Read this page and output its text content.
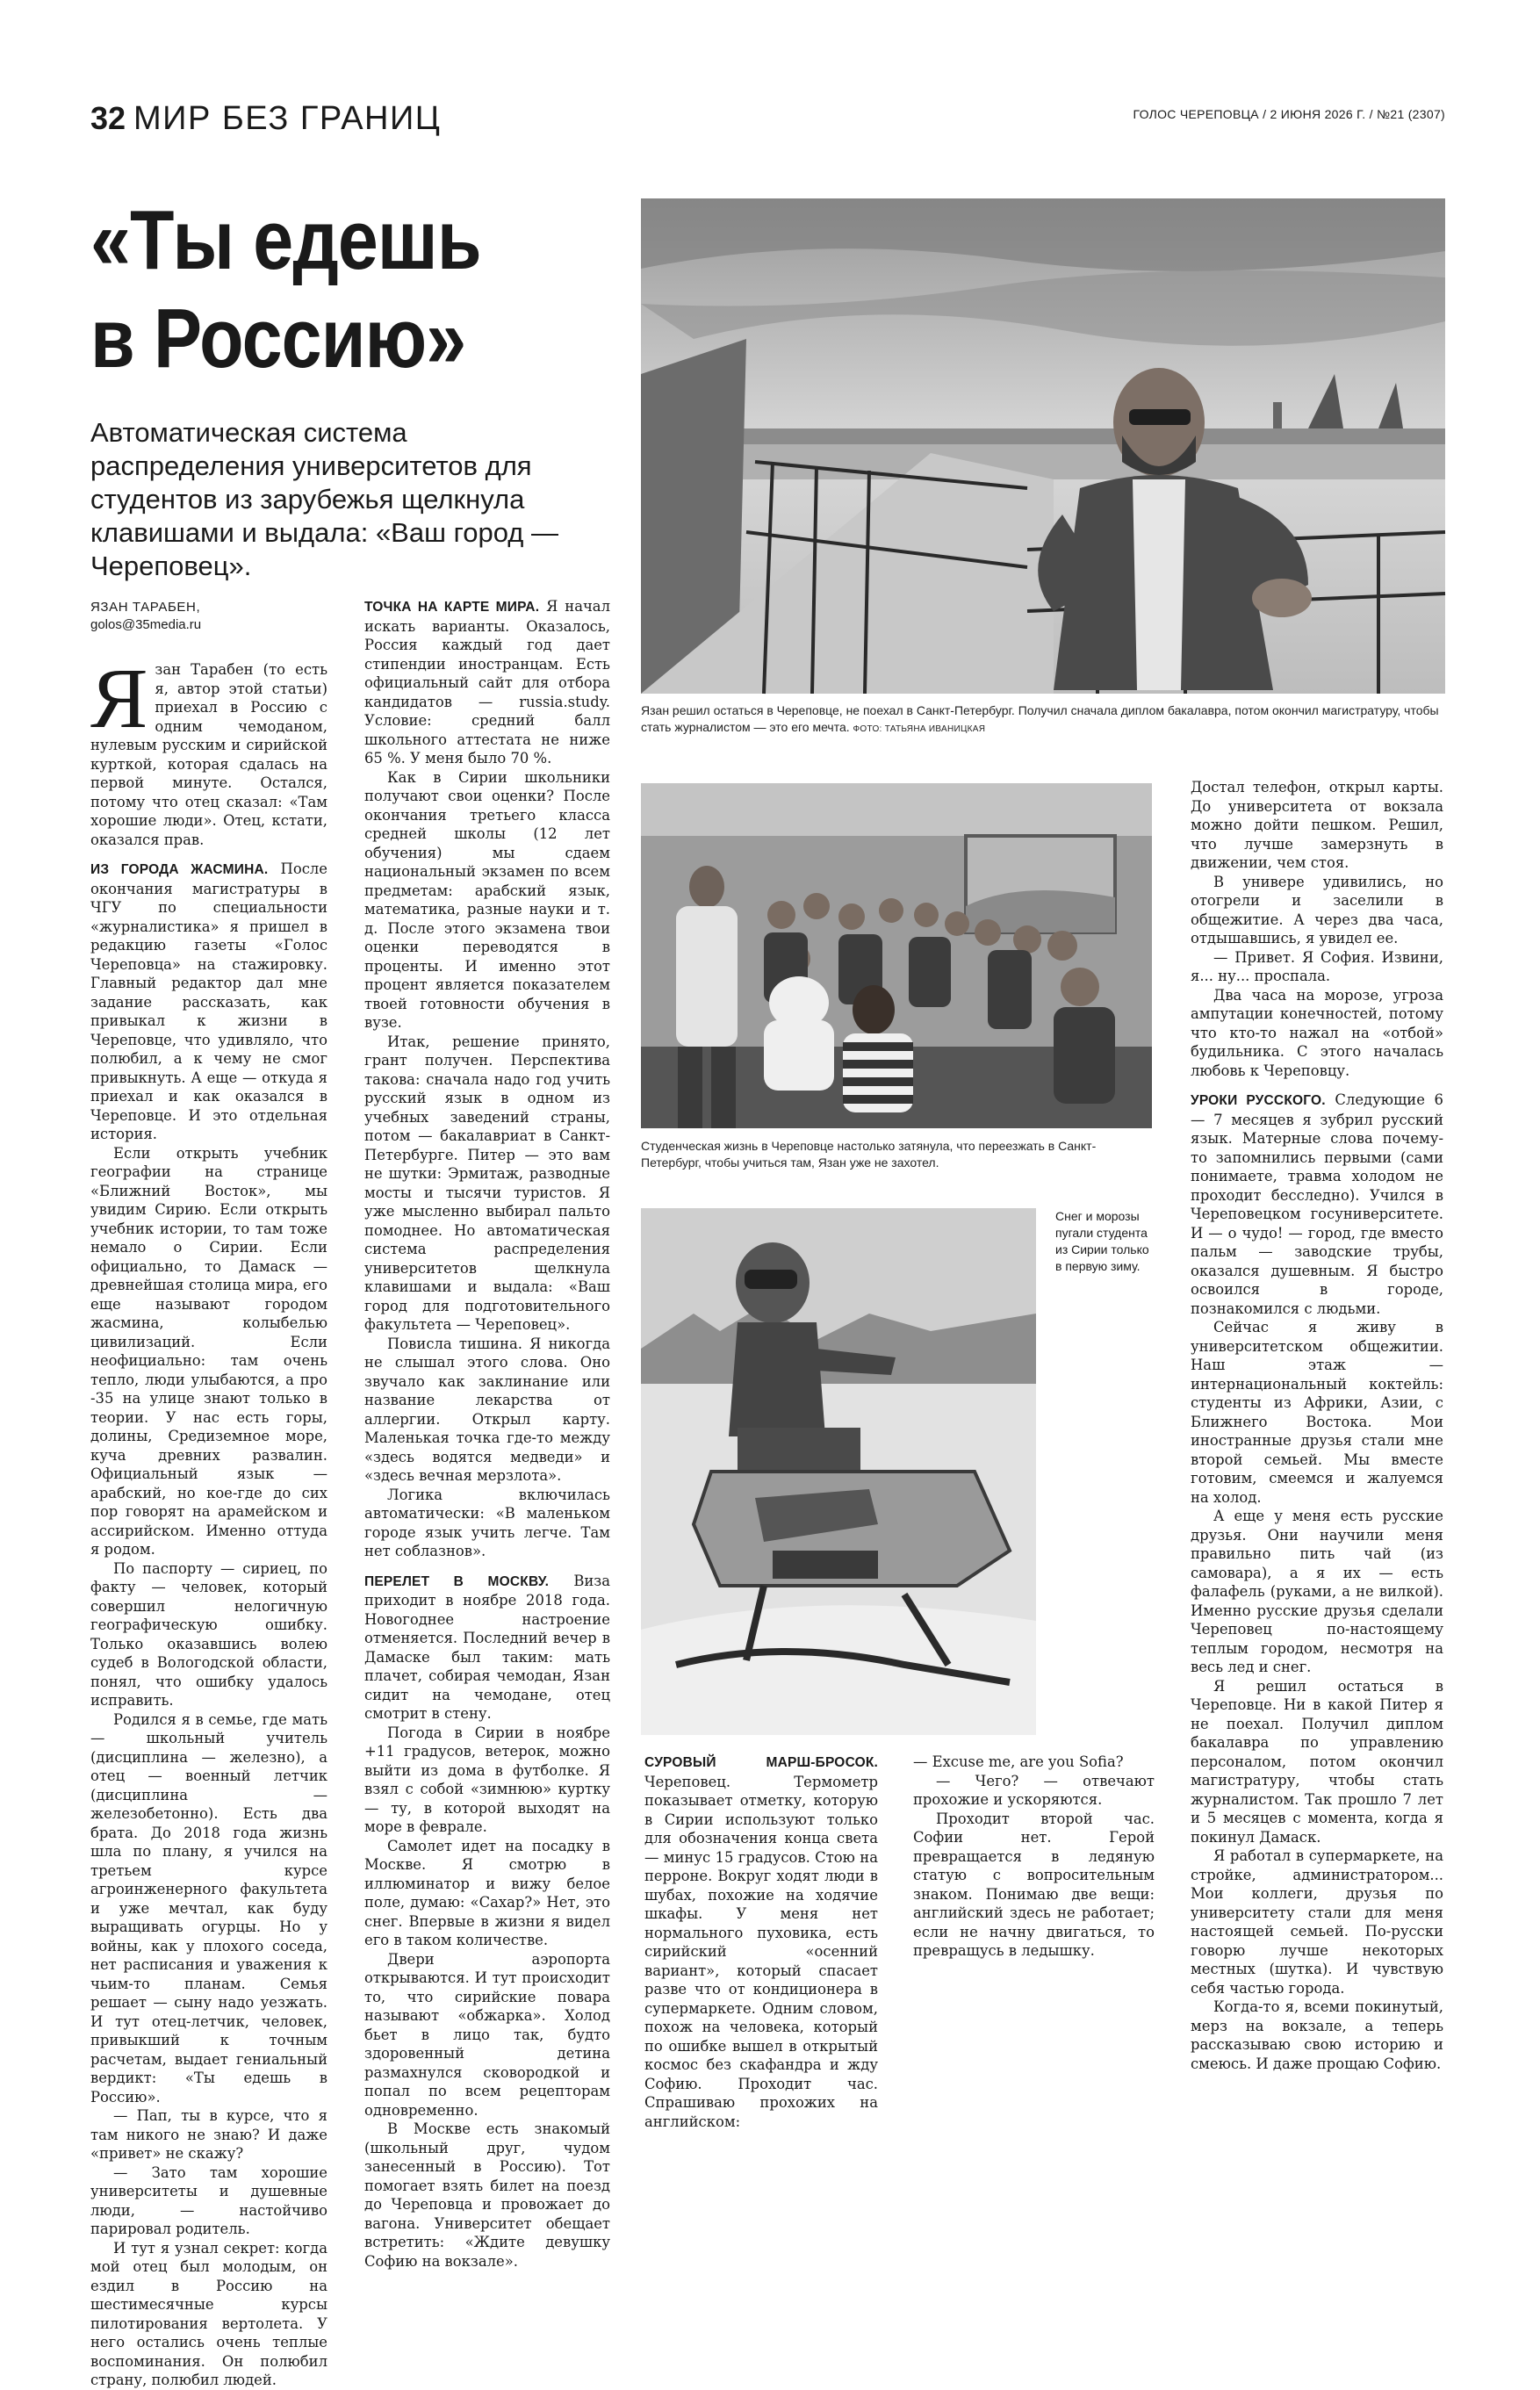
32 МИР БЕЗ ГРАНИЦ	ГОЛОС ЧЕРЕПОВЦА / 2 ИЮНЯ 2026 Г. / №21 (2307)
«Ты едешь
в Россию»
Автоматическая система распределения университетов для студентов из зарубежья щелкнула клавишами и выдала: «Ваш город — Череповец».
ЯЗАН ТАРАБЕН,
golos@35media.ru
Язан решил остаться в Череповце, не поехал в Санкт-Петербург. Получил сначала диплом бакалавра, потом окончил магистратуру, чтобы стать журналистом — это его мечта. ФОТО: ТАТЬЯНА ИВАНИЦКАЯ
Студенческая жизнь в Череповце настолько затянула, что переезжать в Санкт-Петербург, чтобы учиться там, Язан уже не захотел.
Снег и морозы пугали студента из Сирии только в первую зиму.

Язан Тарабен (то есть я, автор этой статьи) приехал в Россию с одним чемоданом, нулевым русским и сирийской курткой, которая сдалась на первой минуте. Остался, потому что отец сказал: «Там хорошие люди». Отец, кстати, оказался прав.

ИЗ ГОРОДА ЖАСМИНА. После окончания магистратуры в ЧГУ по специальности «журналистика» я пришел в редакцию газеты «Голос Череповца» на стажировку. Главный редактор дал мне задание рассказать, как привыкал к жизни в Череповце, что удивляло, что полюбил, а к чему не смог привыкнуть. А еще — откуда я приехал и как оказался в Череповце. И это отдельная история.

Если открыть учебник географии на странице «Ближний Восток», мы увидим Сирию. Если открыть учебник истории, то там тоже немало о Сирии. Если официально, то Дамаск — древнейшая столица мира, его еще называют городом жасмина, колыбелью цивилизаций. Если неофициально: там очень тепло, люди улыбаются, а про -35 на улице знают только в теории. У нас есть горы, долины, Средиземное море, куча древних развалин. Официальный язык — арабский, но кое-где до сих пор говорят на арамейском и ассирийском. Именно оттуда я родом.

По паспорту — сириец, по факту — человек, который совершил нелогичную географическую ошибку. Только оказавшись волею судеб в Вологодской области, понял, что ошибку удалось исправить.

Родился я в семье, где мать — школьный учитель (дисциплина — железно), а отец — военный летчик (дисциплина — железобетонно). Есть два брата. До 2018 года жизнь шла по плану, я учился на третьем курсе агроинженерного факультета и уже мечтал, как буду выращивать огурцы. Но у войны, как у плохого соседа, нет расписания и уважения к чьим-то планам. Семья решает — сыну надо уезжать. И тут отец-летчик, человек, привыкший к точным расчетам, выдает гениальный вердикт: «Ты едешь в Россию».

— Пап, ты в курсе, что я там никого не знаю? И даже «привет» не скажу?

— Зато там хорошие университеты и душевные люди, — настойчиво парировал родитель.

И тут я узнал секрет: когда мой отец был молодым, он ездил в Россию на шестимесячные курсы пилотирования вертолета. У него остались очень теплые воспоминания. Он полюбил страну, полюбил людей.

ТОЧКА НА КАРТЕ МИРА. Я начал искать варианты. Оказалось, Россия каждый год дает стипендии иностранцам. Есть официальный сайт для отбора кандидатов — russia.study. Условие: средний балл школьного аттестата не ниже 65 %. У меня было 70 %.

Как в Сирии школьники получают свои оценки? После окончания третьего класса средней школы (12 лет обучения) мы сдаем национальный экзамен по всем предметам: арабский язык, математика, разные науки и т. д. После этого экзамена твои оценки переводятся в проценты. И именно этот процент является показателем твоей готовности обучения в вузе.

Итак, решение принято, грант получен. Перспектива такова: сначала надо год учить русский язык в одном из учебных заведений страны, потом — бакалавриат в Санкт-Петербурге. Питер — это вам не шутки: Эрмитаж, разводные мосты и тысячи туристов. Я уже мысленно выбирал пальто помоднее. Но автоматическая система распределения университетов щелкнула клавишами и выдала: «Ваш город для подготовительного факультета — Череповец».

Повисла тишина. Я никогда не слышал этого слова. Оно звучало как заклинание или название лекарства от аллергии. Открыл карту. Маленькая точка где-то между «здесь водятся медведи» и «здесь вечная мерзлота».

Логика включилась автоматически: «В маленьком городе язык учить легче. Там нет соблазнов».

ПЕРЕЛЕТ В МОСКВУ. Виза приходит в ноябре 2018 года. Новогоднее настроение отменяется. Последний вечер в Дамаске был таким: мать плачет, собирая чемодан, Язан сидит на чемодане, отец смотрит в стену.

Погода в Сирии в ноябре +11 градусов, ветерок, можно выйти из дома в футболке. Я взял с собой «зимнюю» куртку — ту, в которой выходят на море в феврале.

Самолет идет на посадку в Москве. Я смотрю в иллюминатор и вижу белое поле, думаю: «Сахар?» Нет, это снег. Впервые в жизни я видел его в таком количестве.

Двери аэропорта открываются. И тут происходит то, что сирийские повара называют «обжарка». Холод бьет в лицо так, будто здоровенный детина размахнулся сковородкой и попал по всем рецепторам одновременно.

В Москве есть знакомый (школьный друг, чудом занесенный в Россию). Тот помогает взять билет на поезд до Череповца и провожает до вагона. Университет обещает встретить: «Ждите девушку Софию на вокзале».

СУРОВЫЙ МАРШ-БРОСОК. Череповец. Термометр показывает отметку, которую в Сирии используют только для обозначения конца света — минус 15 градусов. Стою на перроне. Вокруг ходят люди в шубах, похожие на ходячие шкафы. У меня нет нормального пуховика, есть сирийский «осенний вариант», который спасает разве что от кондиционера в супермаркете. Одним словом, похож на человека, который по ошибке вышел в открытый космос без скафандра и жду Софию. Проходит час. Спрашиваю прохожих на английском:

— Excuse me, are you Sofia?

— Чего? — отвечают прохожие и ускоряются.

Проходит второй час. Софии нет. Герой превращается в ледяную статую с вопросительным знаком. Понимаю две вещи: английский здесь не работает; если не начну двигаться, то превращусь в ледышку.

Достал телефон, открыл карты. До университета от вокзала можно дойти пешком. Решил, что лучше замерзнуть в движении, чем стоя.

В универе удивились, но отогрели и заселили в общежитие. А через два часа, отдышавшись, я увидел ее.

— Привет. Я София. Извини, я... ну... проспала.

Два часа на морозе, угроза ампутации конечностей, потому что кто-то нажал на «отбой» будильника. С этого началась любовь к Череповцу.

УРОКИ РУССКОГО. Следующие 6 — 7 месяцев я зубрил русский язык. Матерные слова почему-то запомнились первыми (сами понимаете, травма холодом не проходит бесследно). Учился в Череповецком госуниверситете. И — о чудо! — город, где вместо пальм — заводские трубы, оказался душевным. Я быстро освоился в городе, познакомился с людьми.

Сейчас я живу в университетском общежитии. Наш этаж — интернациональный коктейль: студенты из Африки, Азии, с Ближнего Востока. Мои иностранные друзья стали мне второй семьей. Мы вместе готовим, смеемся и жалуемся на холод.

А еще у меня есть русские друзья. Они научили меня правильно пить чай (из самовара), а я их — есть фалафель (руками, а не вилкой). Именно русские друзья сделали Череповец по-настоящему теплым городом, несмотря на весь лед и снег.

Я решил остаться в Череповце. Ни в какой Питер я не поехал. Получил диплом бакалавра по управлению персоналом, потом окончил магистратуру, чтобы стать журналистом. Так прошло 7 лет и 5 месяцев с момента, когда я покинул Дамаск.

Я работал в супермаркете, на стройке, администратором... Мои коллеги, друзья по университету стали для меня настоящей семьей. По-русски говорю лучше некоторых местных (шутка). И чувствую себя частью города.

Когда-то я, всеми покинутый, мерз на вокзале, а теперь рассказываю свою историю и смеюсь. И даже прощаю Софию.
